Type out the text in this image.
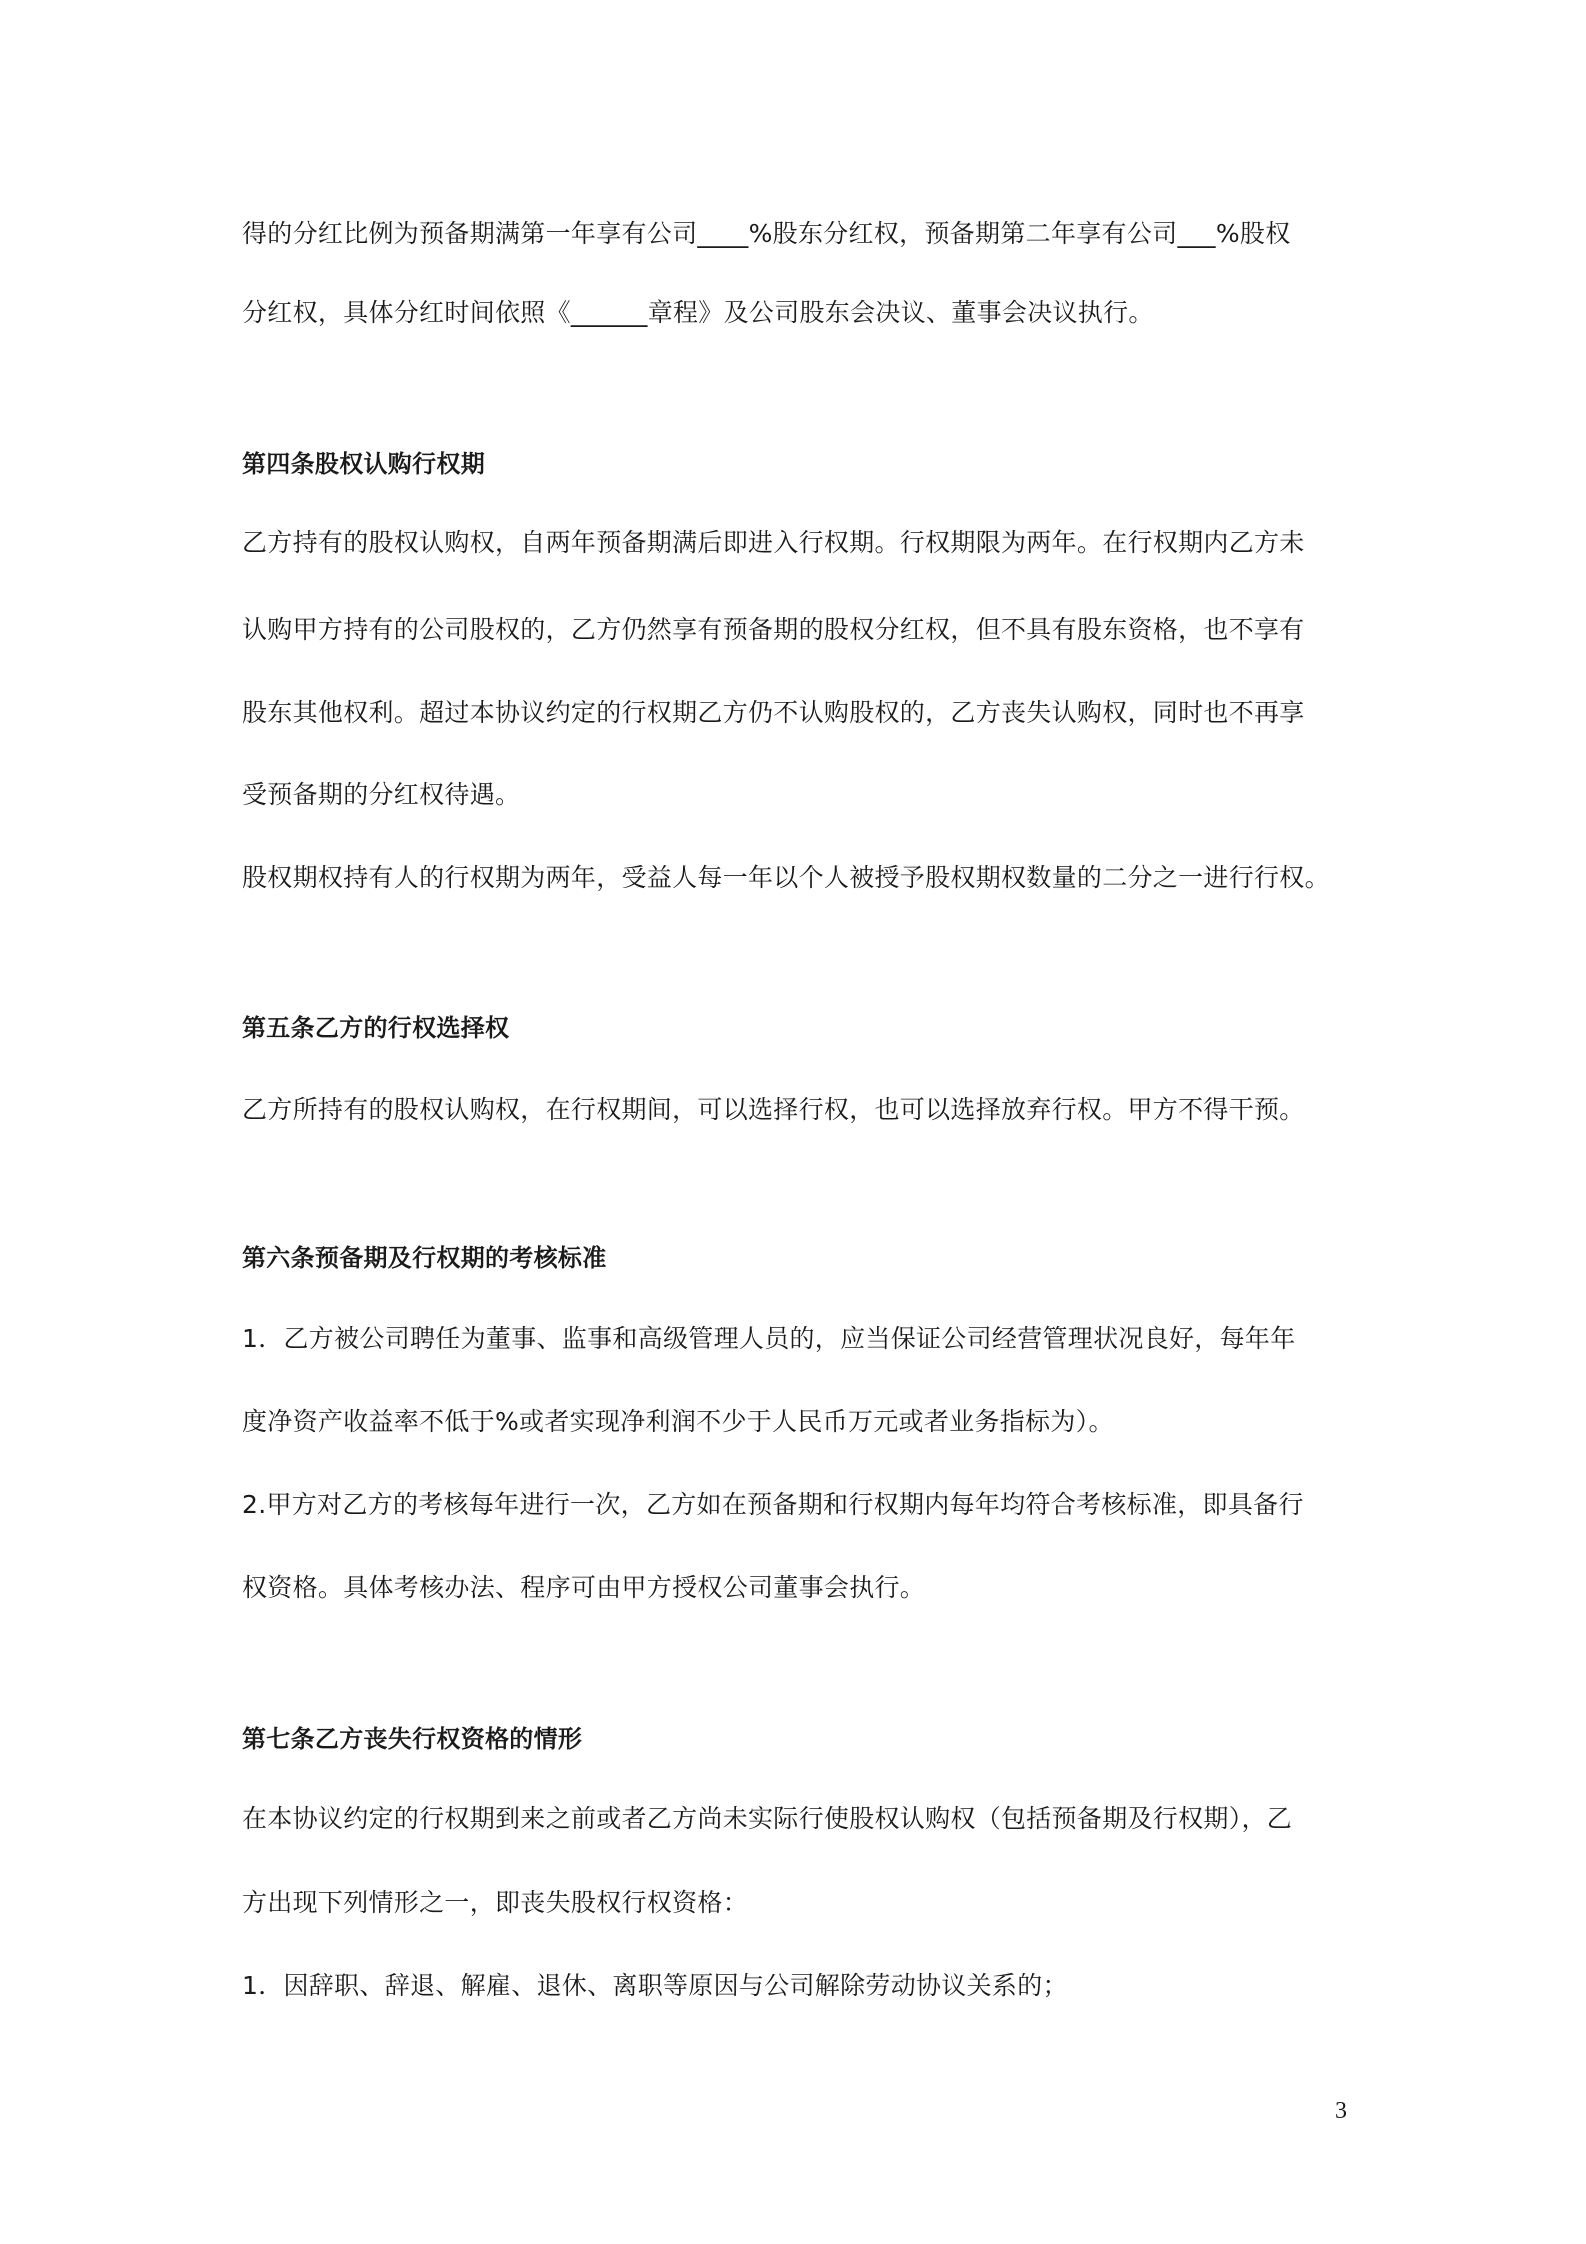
得的分红比例为预备期满第一年享有公司____%股东分红权，预备期第二年享有公司___%股权
分红权，具体分红时间依照《______章程》及公司股东会决议、董事会决议执行。
第四条股权认购行权期
乙方持有的股权认购权，自两年预备期满后即进入行权期。行权期限为两年。在行权期内乙方未
认购甲方持有的公司股权的，乙方仍然享有预备期的股权分红权，但不具有股东资格，也不享有
股东其他权利。超过本协议约定的行权期乙方仍不认购股权的，乙方丧失认购权，同时也不再享
受预备期的分红权待遇。
股权期权持有人的行权期为两年，受益人每一年以个人被授予股权期权数量的二分之一进行行权。
第五条乙方的行权选择权
乙方所持有的股权认购权，在行权期间，可以选择行权，也可以选择放弃行权。甲方不得干预。
第六条预备期及行权期的考核标准
1．乙方被公司聘任为董事、监事和高级管理人员的，应当保证公司经营管理状况良好，每年年
度净资产收益率不低于%或者实现净利润不少于人民币万元或者业务指标为）。
2.甲方对乙方的考核每年进行一次，乙方如在预备期和行权期内每年均符合考核标准，即具备行
权资格。具体考核办法、程序可由甲方授权公司董事会执行。
第七条乙方丧失行权资格的情形
在本协议约定的行权期到来之前或者乙方尚未实际行使股权认购权（包括预备期及行权期），乙
方出现下列情形之一，即丧失股权行权资格：
1．因辞职、辞退、解雇、退休、离职等原因与公司解除劳动协议关系的；
3
